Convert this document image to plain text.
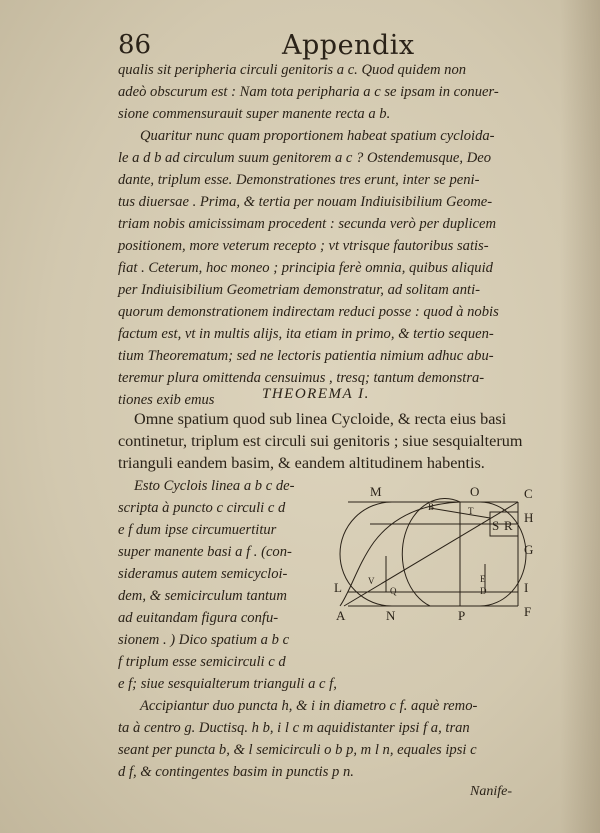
86	Appendix
qualis sit peripheria circuli genitoris a c. Quod quidem non
adeò obscurum est : Nam tota peripharia a c se ipsam in conuer-
sione commensurauit super manente recta a b.
Quaritur nunc quam proportionem habeat spatium cycloida-
le a d b ad circulum suum genitorem a c ? Ostendemusque, Deo
dante, triplum esse. Demonstrationes tres erunt, inter se peni-
tus diuersae . Prima, & tertia per nouam Indiuisibilium Geome-
triam nobis amicissimam procedent : secunda verò per duplicem
positionem, more veterum recepto ; vt vtrisque fautoribus satis-
fiat . Ceterum, hoc moneo ; principia ferè omnia, quibus aliquid
per Indiuisibilium Geometriam demonstratur, ad solitam anti-
quorum demonstrationem indirectam reduci posse : quod à nobis
factum est, vt in multis alijs, ita etiam in primo, & tertio sequen-
tium Theorematum; sed ne lectoris patientia nimium adhuc abu-
teremur plura omittenda censuimus , tresq; tantum demonstra-
tiones exib emus	THEOREMA I.
Omne spatium quod sub linea Cycloide, & recta eius basi
continetur, triplum est circuli sui genitoris ; siue sesquialterum
trianguli eandem basim, & eandem altitudinem habentis.
Esto Cyclois linea a b c de-
scripta à puncto c circuli c d
e f dum ipse circumuertitur
super manente basi a f . (con-
sideramus autem semicycloi-
dem, & semicirculum tantum
ad euitandam figura confu-
sionem . ) Dico spatium a b c
f triplum esse semicirculi c d
e f; siue sesquialterum trianguli a c f,
Accipiantur duo puncta h, & i in diametro c f. aquè remo-
ta à centro g. Ductisq. h b, i l c m aquidistanter ipsi f a, tran
seant per puncta b, & l semicirculi o b p, m l n, equales ipsi c
d f, & contingentes basim in punctis p n.
Nanife-
M	O	C
H
G
I
F
L
A	N	P
B	T
S R
V	E
D
Q
